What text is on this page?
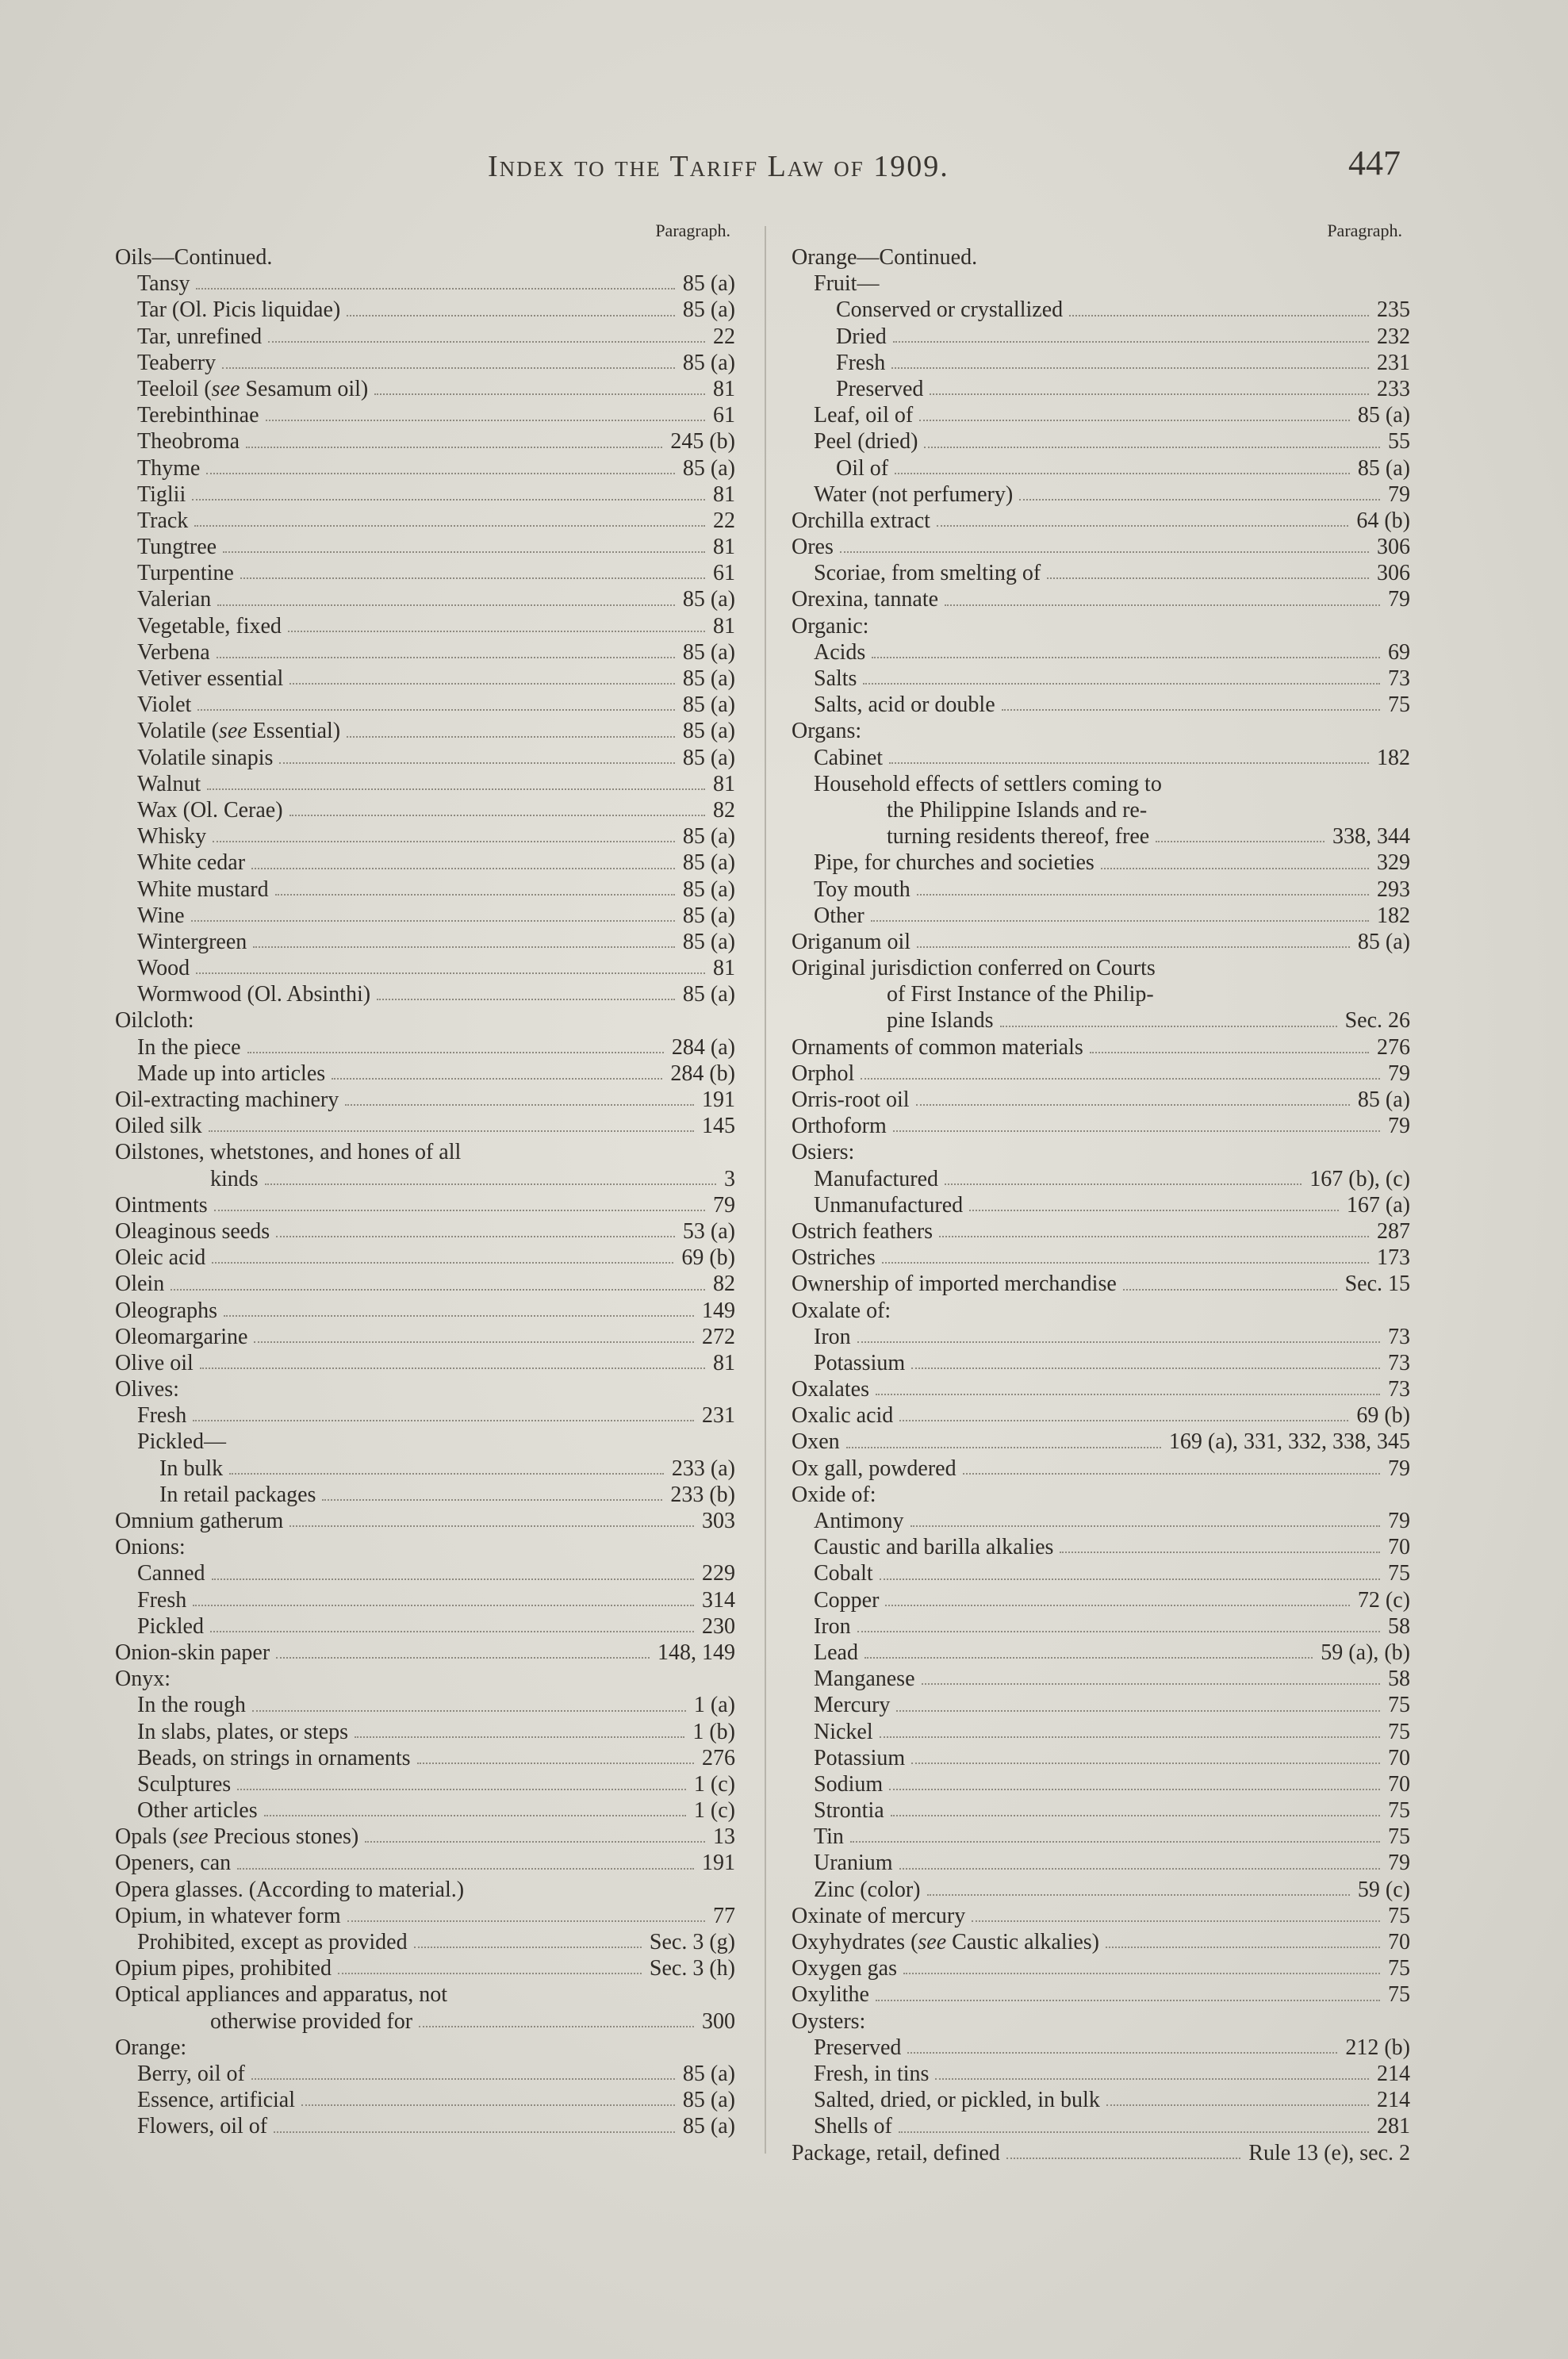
Index to the Tariff Law of 1909.	447
Paragraph.
Oils—Continued.
Tansy	85 (a)
Tar (Ol. Picis liquidae)	85 (a)
Tar, unrefined	22
Teaberry	85 (a)
Teeloil (see Sesamum oil)	81
Terebinthinae	61
Theobroma	245 (b)
Thyme	85 (a)
Tiglii	81
Track	22
Tungtree	81
Turpentine	61
Valerian	85 (a)
Vegetable, fixed	81
Verbena	85 (a)
Vetiver essential	85 (a)
Violet	85 (a)
Volatile (see Essential)	85 (a)
Volatile sinapis	85 (a)
Walnut	81
Wax (Ol. Cerae)	82
Whisky	85 (a)
White cedar	85 (a)
White mustard	85 (a)
Wine	85 (a)
Wintergreen	85 (a)
Wood	81
Wormwood (Ol. Absinthi)	85 (a)
Oilcloth:
In the piece	284 (a)
Made up into articles	284 (b)
Oil-extracting machinery	191
Oiled silk	145
Oilstones, whetstones, and hones of all
kinds	3
Ointments	79
Oleaginous seeds	53 (a)
Oleic acid	69 (b)
Olein	82
Oleographs	149
Oleomargarine	272
Olive oil	81
Olives:
Fresh	231
Pickled—
In bulk	233 (a)
In retail packages	233 (b)
Omnium gatherum	303
Onions:
Canned	229
Fresh	314
Pickled	230
Onion-skin paper	148, 149
Onyx:
In the rough	1 (a)
In slabs, plates, or steps	1 (b)
Beads, on strings in ornaments	276
Sculptures	1 (c)
Other articles	1 (c)
Opals (see Precious stones)	13
Openers, can	191
Opera glasses. (According to material.)
Opium, in whatever form	77
Prohibited, except as provided	Sec. 3 (g)
Opium pipes, prohibited	Sec. 3 (h)
Optical appliances and apparatus, not
otherwise provided for	300
Orange:
Berry, oil of	85 (a)
Essence, artificial	85 (a)
Flowers, oil of	85 (a)
Paragraph.
Orange—Continued.
Fruit—
Conserved or crystallized	235
Dried	232
Fresh	231
Preserved	233
Leaf, oil of	85 (a)
Peel (dried)	55
Oil of	85 (a)
Water (not perfumery)	79
Orchilla extract	64 (b)
Ores	306
Scoriae, from smelting of	306
Orexina, tannate	79
Organic:
Acids	69
Salts	73
Salts, acid or double	75
Organs:
Cabinet	182
Household effects of settlers coming to
the Philippine Islands and re-
turning residents thereof, free	338, 344
Pipe, for churches and societies	329
Toy mouth	293
Other	182
Origanum oil	85 (a)
Original jurisdiction conferred on Courts
of First Instance of the Philip-
pine Islands	Sec. 26
Ornaments of common materials	276
Orphol	79
Orris-root oil	85 (a)
Orthoform	79
Osiers:
Manufactured	167 (b), (c)
Unmanufactured	167 (a)
Ostrich feathers	287
Ostriches	173
Ownership of imported merchandise	Sec. 15
Oxalate of:
Iron	73
Potassium	73
Oxalates	73
Oxalic acid	69 (b)
Oxen	169 (a), 331, 332, 338, 345
Ox gall, powdered	79
Oxide of:
Antimony	79
Caustic and barilla alkalies	70
Cobalt	75
Copper	72 (c)
Iron	58
Lead	59 (a), (b)
Manganese	58
Mercury	75
Nickel	75
Potassium	70
Sodium	70
Strontia	75
Tin	75
Uranium	79
Zinc (color)	59 (c)
Oxinate of mercury	75
Oxyhydrates (see Caustic alkalies)	70
Oxygen gas	75
Oxylithe	75
Oysters:
Preserved	212 (b)
Fresh, in tins	214
Salted, dried, or pickled, in bulk	214
Shells of	281
Package, retail, defined	Rule 13 (e), sec. 2
